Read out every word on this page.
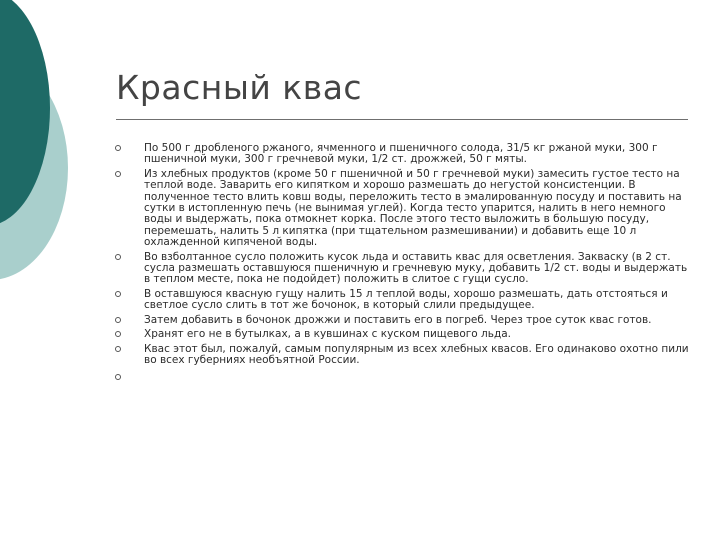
Красный квас
По 500 г дробленого ржаного, ячменного и пшеничного солода, 31/5 кг ржаной муки, 300 г пшеничной муки, 300 г гречневой муки, 1/2 ст. дрожжей, 50 г мяты.
Из хлебных продуктов (кроме 50 г пшеничной и 50 г гречневой муки) замесить густое тесто на теплой воде. Заварить его кипятком и хорошо размешать до негустой консистенции. В полученное тесто влить ковш воды, переложить тесто в эмалированную посуду и поставить на сутки в истопленную печь (не вынимая углей). Когда тесто упарится, налить в него немного воды и выдержать, пока отмокнет корка. После этого тесто выложить в большую посуду, перемешать, налить 5 л кипятка (при тщательном размешивании) и добавить еще 10 л охлажденной кипяченой воды.
Во взболтанное сусло положить кусок льда и оставить квас для осветления. Закваску (в 2 ст. сусла размешать оставшуюся пшеничную и гречневую муку, добавить 1/2 ст. воды и выдержать в теплом месте, пока не подойдет) положить в слитое с гущи сусло.
В оставшуюся квасную гущу налить 15 л теплой воды, хорошо размешать, дать отстояться и светлое сусло слить в тот же бочонок, в который слили предыдущее.
Затем добавить в бочонок дрожжи и поставить его в погреб. Через трое суток квас готов.
Хранят его не в бутылках, а в кувшинах с куском пищевого льда.
Квас этот был, пожалуй, самым популярным из всех хлебных квасов. Его одинаково охотно пили во всех губерниях необъятной России.
